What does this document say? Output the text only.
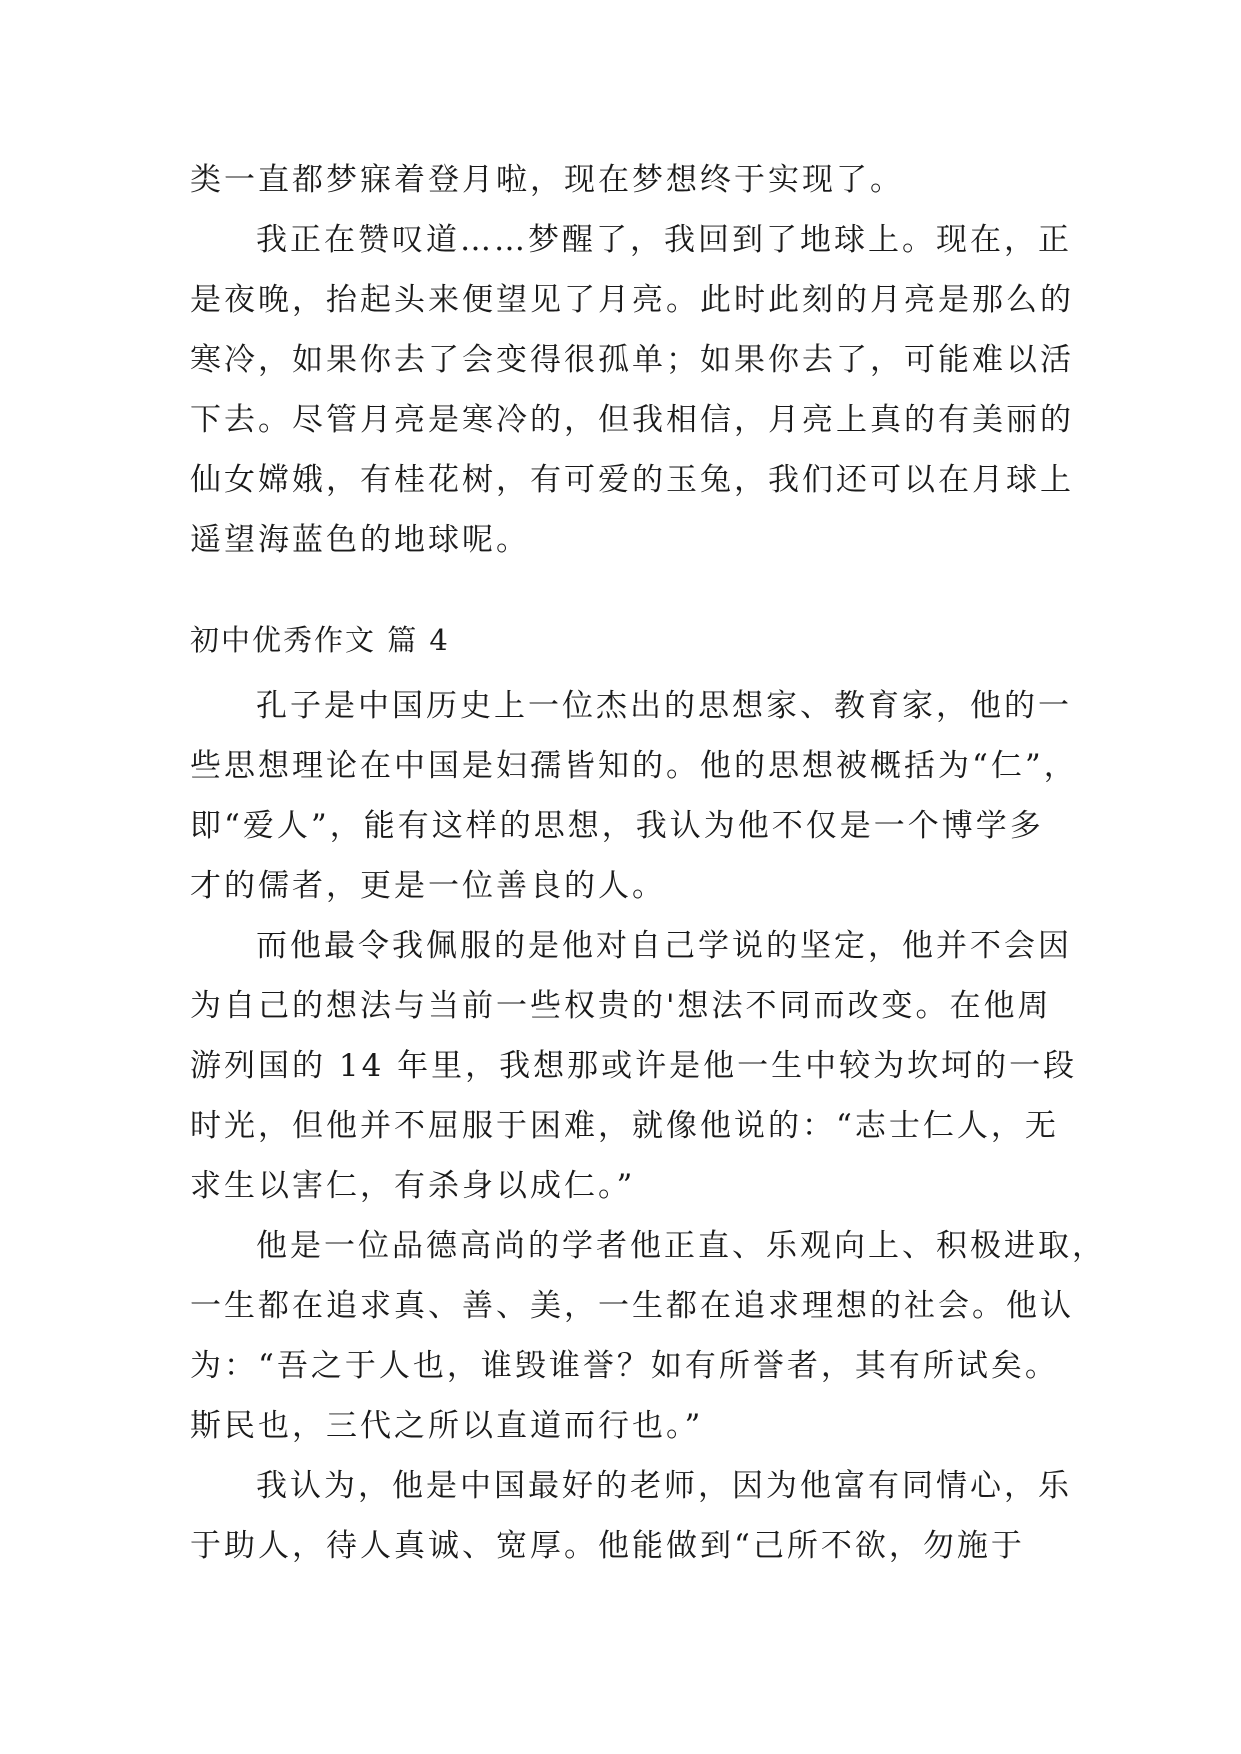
类一直都梦寐着登月啦，现在梦想终于实现了。
我正在赞叹道……梦醒了，我回到了地球上。现在，正
是夜晚，抬起头来便望见了月亮。此时此刻的月亮是那么的
寒冷，如果你去了会变得很孤单；如果你去了，可能难以活
下去。尽管月亮是寒冷的，但我相信，月亮上真的有美丽的
仙女嫦娥，有桂花树，有可爱的玉兔，我们还可以在月球上
遥望海蓝色的地球呢。
初中优秀作文 篇 4
孔子是中国历史上一位杰出的思想家、教育家，他的一
些思想理论在中国是妇孺皆知的。他的思想被概括为“仁”，
即“爱人”，能有这样的思想，我认为他不仅是一个博学多
才的儒者，更是一位善良的人。
而他最令我佩服的是他对自己学说的坚定，他并不会因
为自己的想法与当前一些权贵的'想法不同而改变。在他周
游列国的 14 年里，我想那或许是他一生中较为坎坷的一段
时光，但他并不屈服于困难，就像他说的：“志士仁人，无
求生以害仁，有杀身以成仁。”
他是一位品德高尚的学者他正直、乐观向上、积极进取，
一生都在追求真、善、美，一生都在追求理想的社会。他认
为：“吾之于人也，谁毁谁誉？如有所誉者，其有所试矣。
斯民也，三代之所以直道而行也。”
我认为，他是中国最好的老师，因为他富有同情心，乐
于助人，待人真诚、宽厚。他能做到“己所不欲，勿施于
